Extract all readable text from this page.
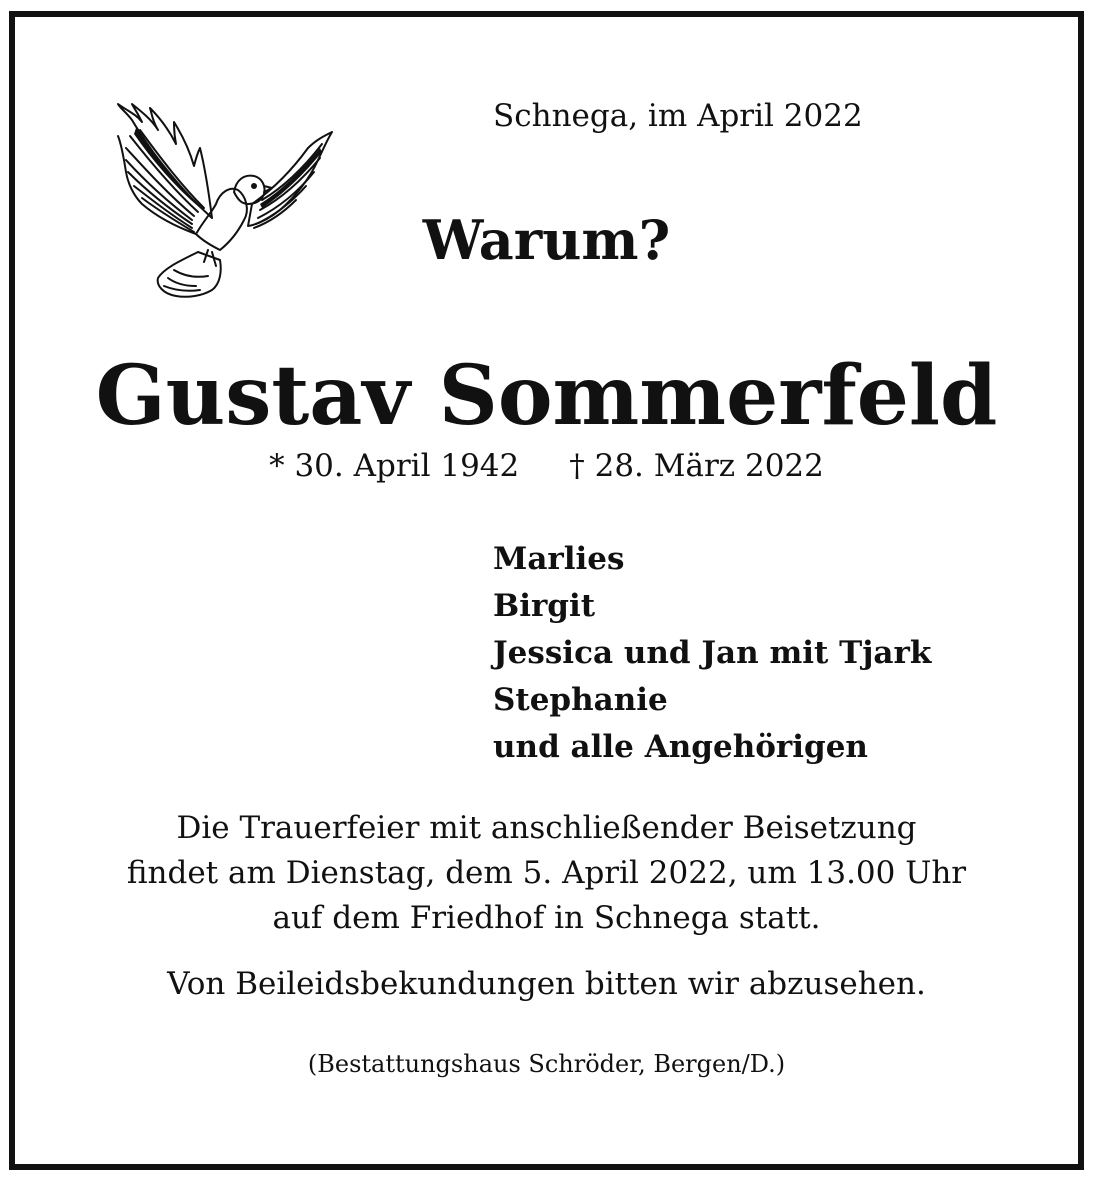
Schnega, im April 2022
Warum?
Gustav Sommerfeld
* 30. April 1942 † 28. März 2022
Marlies
Birgit
Jessica und Jan mit Tjark
Stephanie
und alle Angehörigen
Die Trauerfeier mit anschließender Beisetzung
findet am Dienstag, dem 5. April 2022, um 13.00 Uhr
auf dem Friedhof in Schnega statt.
Von Beileidsbekundungen bitten wir abzusehen.
(Bestattungshaus Schröder, Bergen/D.)
